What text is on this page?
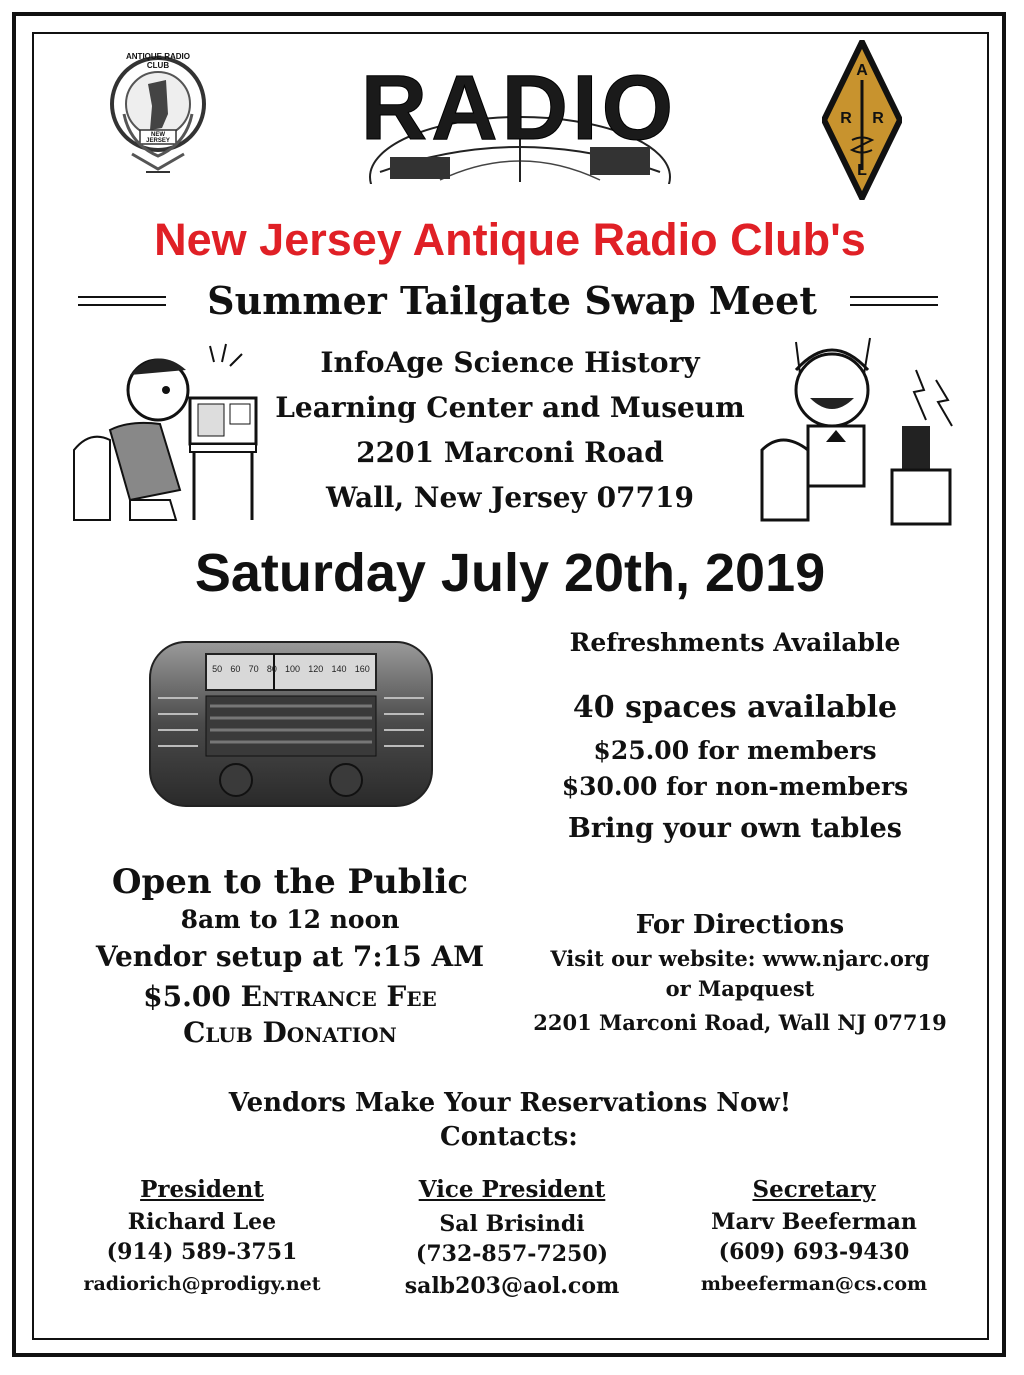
ANTIQUE RADIO CLUB
NEW JERSEY	RADIO	A
R R
L
New Jersey Antique Radio Club's
Summer Tailgate Swap Meet
InfoAge Science History
Learning Center and Museum
2201 Marconi Road
Wall, New Jersey 07719
Saturday July 20th, 2019
50 60 70 80 100 120 140 160
Refreshments Available
40 spaces available
$25.00 for members
$30.00 for non-members
Bring your own tables
Open to the Public
8am to 12 noon
Vendor setup at 7:15 AM
$5.00 Entrance Fee
Club Donation
For Directions
Visit our website: www.njarc.org
or Mapquest
2201 Marconi Road, Wall NJ 07719
Vendors Make Your Reservations Now!
Contacts:
President
Richard Lee
(914) 589-3751
radiorich@prodigy.net
Vice President
Sal Brisindi
(732-857-7250)
salb203@aol.com
Secretary
Marv Beeferman
(609) 693-9430
mbeeferman@cs.com
